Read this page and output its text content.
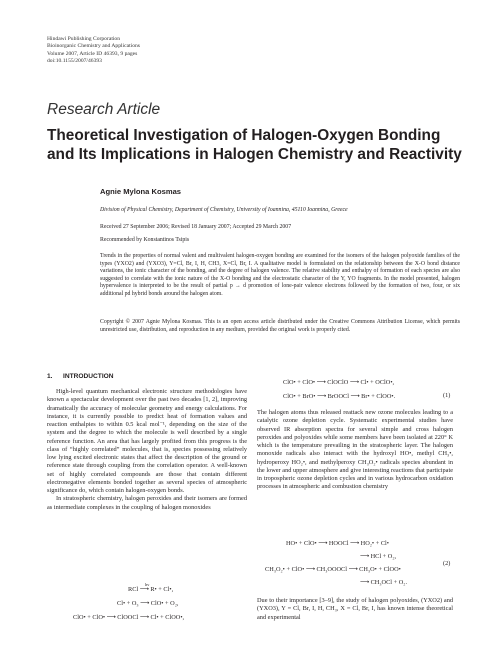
Hindawi Publishing Corporation
Bioinorganic Chemistry and Applications
Volume 2007, Article ID 46393, 9 pages
doi:10.1155/2007/46393
Research Article
Theoretical Investigation of Halogen-Oxygen Bonding
and Its Implications in Halogen Chemistry and Reactivity
Agnie Mylona Kosmas
Division of Physical Chemistry, Department of Chemistry, University of Ioannina, 45110 Ioannina, Greece
Received 27 September 2006; Revised 18 January 2007; Accepted 29 March 2007
Recommended by Konstantinos Tsipis
Trends in the properties of normal valent and multivalent halogen-oxygen bonding are examined for the isomers of the halogen polyoxide families of the types (YXO2) and (YXO3), Y=Cl, Br, I, H, CH3, X=Cl, Br, I. A qualitative model is formulated on the relationship between the X-O bond distance variations, the ionic character of the bonding, and the degree of halogen valence. The relative stability and enthalpy of formation of each species are also suggested to correlate with the ionic nature of the X-O bonding and the electrostatic character of the Y, YO fragments. In the model presented, halogen hypervalence is interpreted to be the result of partial p → d promotion of lone-pair valence electrons followed by the formation of two, four, or six additional pd hybrid bonds around the halogen atom.
Copyright © 2007 Agnie Mylona Kosmas. This is an open access article distributed under the Creative Commons Attribution License, which permits unrestricted use, distribution, and reproduction in any medium, provided the original work is properly cited.
1. INTRODUCTION

High-level quantum mechanical electronic structure methodologies have known a spectacular development over the past two decades [1, 2], improving dramatically the accuracy of molecular geometry and energy calculations. For instance, it is currently possible to predict heat of formation values and reaction enthalpies to within 0.5 kcal mol⁻¹, depending on the size of the system and the degree to which the molecule is well described by a single reference function. An area that has largely profited from this progress is the class of “highly correlated” molecules, that is, species possessing relatively low lying excited electronic states that affect the description of the ground or reference state through coupling from the correlation operator. A well-known set of highly correlated compounds are those that contain different electronegative elements bonded together as several species of atmospheric significance do, which contain halogen-oxygen bonds.

In stratospheric chemistry, halogen peroxides and their isomers are formed as intermediate complexes in the coupling of halogen monoxides

RCl ⟶ R• + Cl•,
hν
Cl• + O₃ ⟶ ClO• + O₂,
ClO• + ClO• ⟶ ClOOCl ⟶ Cl• + ClOO•,
ClO• + ClO• ⟶ ClOClO ⟶ Cl• + OClO•,
ClO• + BrO• ⟶ BrOOCl ⟶ Br• + ClOO•.	(1)

The halogen atoms thus released reattack new ozone molecules leading to a catalytic ozone depletion cycle. Systematic experimental studies have observed IR absorption spectra for several simple and cross halogen peroxides and polyoxides while some members have been isolated at 220° K which is the temperature prevailing in the stratospheric layer. The halogen monoxide radicals also interact with the hydroxyl HO•, methyl CH₃•, hydroperoxy HO₂•, and methylperoxy CH₃O₂• radicals species abundant in the lower and upper atmosphere and give interesting reactions that participate in tropospheric ozone depletion cycles and in various hydrocarbon oxidation processes in atmospheric and combustion chemistry

HO• + ClO• ⟶ HOOCl ⟶ HO₂• + Cl•
⟶ HCl + O₂,
CH₃O₂• + ClO• ⟶ CH₃OOOCl ⟶ CH₃O• + ClOO•
⟶ CH₃OCl + O₂.
(2)
Due to their importance [3–9], the study of halogen polyoxides, (YXO2) and (YXO3), Y = Cl, Br, I, H, CH₃, X = Cl, Br, I, has known intense theoretical and experimental
